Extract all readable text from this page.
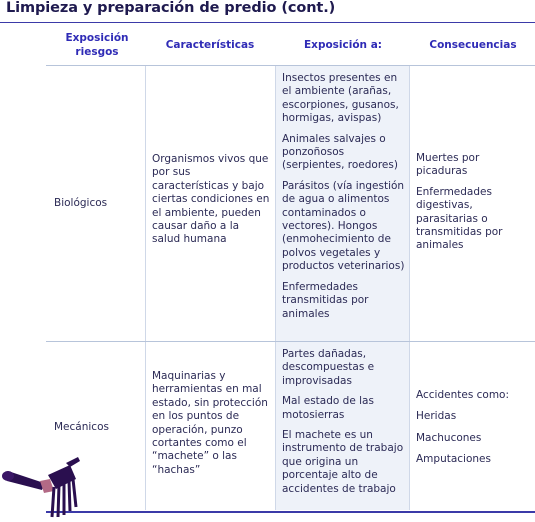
Limpieza y preparación de predio (cont.)
Exposición riesgos
Características	Exposición a:	Consecuencias
Biológicos
Organismos vivos que por sus características y bajo ciertas condiciones en el ambiente, pueden causar daño a la salud humana

Insectos presentes en el ambiente (arañas, escorpiones, gusanos, hormigas, avispas)

Animales salvajes o ponzoñosos (serpientes, roedores)

Parásitos (vía ingestión de agua o alimentos contaminados o vectores). Hongos (enmohecimiento de polvos vegetales y productos veterinarios)

Enfermedades transmitidas por animales

Muertes por picaduras

Enfermedades digestivas, parasitarias o transmitidas por animales

Mecánicos
Maquinarias y herramientas en mal estado, sin protección en los puntos de operación, punzo cortantes como el “machete” o las “hachas”

Partes dañadas, descompuestas e improvisadas

Mal estado de las motosierras

El machete es un instrumento de trabajo que origina un porcentaje alto de accidentes de trabajo

Accidentes como:

Heridas

Machucones

Amputaciones
